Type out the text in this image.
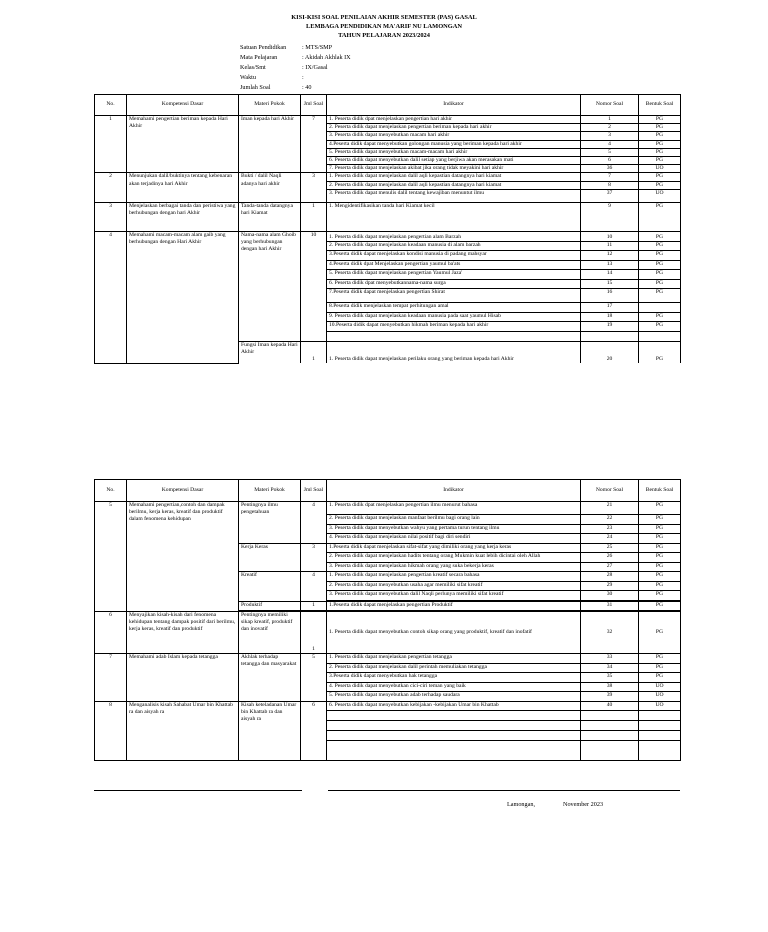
KISI-KISI SOAL PENILAIAN AKHIR SEMESTER (PAS) GASAL
LEMBAGA PENDIDIKAN MA'ARIF NU LAMONGAN
TAHUN PELAJARAN 2023/2024
Satuan Pendidikan	: MTS/SMP
Mata Pelajaran	: Akidah Akhlak IX
Kelas/Smt	: IX/Gasal
Waktu	:
Jumlah Soal	: 40
No.	Kompetensi Dasar	Materi Pokok	Jml Soal	Indikator	Nomor Soal	Bentuk Soal
1	Memahami pengertian beriman kepada Hari Akhir	Iman kepada hari Akhir	7	1. Peserta didik dpat menjelaskan pengertian hari akhir	1	PG
				2. Peserta didik dapat menjelaskan pengertian beriman kepada hari akhir	2	PG
				3. Peserta didik dapat menyebutkan macam hari akhir	3	PG
				4.Peserta didik dapat menyebutkan golongan manusia yang beriman kepada hari akhir	4	PG
				5. Peserta didik dapat menyebutkan macam-macam hari akhir	5	PG
				6. Peserta didik dapat menyebutkan dalil setiap yang berjiwa akan merasakan mati	6	PG
				7. Peserta didik dapat menjelaskan akibat jika orang tidak meyakini hari akhir	36	UO
2	Menunjukan dalil/buktinya tentang kebenaran akan terjadinya hari Akhir	Bukti / dalil Naqli adanya hari akhir	3	1. Peserta didik dapat menjelaskan dalil aqli kepastian datangnya hari kiamat	7	PG
				2. Peserta didik dapat menjelaskan dalil aqli kepastian datangnya hari kiamat	8	PG
				3. Peserta didik dapat menulis dalil tentang kewajiban menuntut ilmu	37	UO
3	Menjelaskan berbagai tanda dan peristiwa yang berhubungan dengan hari Akhir	Tanda-tanda datangnya hari Kiamat	1	1. Mengidentifikasikan tanda hari Kiamat kecil	9	PG
4	Memahami macam-macam alam gaib yang berhubungan dengan Hari Akhir	Nama-nama alam Ghoib yang berhubungan dengan hari Akhir	10	1. Peserta didik dapat menjelaskan pengertian alam Barzah	10	PG
				2. Peserta didik dapat menjelaskan keadaan manusia di alam barzah	11	PG
				3.Peserta didik dapat menjelaskan kondisi manusia di padang mahsyar	12	PG
				4.Peserta didik dpat Menjelaskan pengertian yaumul ba'ats	13	PG
				5. Peserta didik dapat menjelaskan pengertian Yaumul Jaza'	14	PG
				6. Peserta didik dpat menyebutkannama-nama surga	15	PG
				7.Peserta didik dapat menjelaskan pengertian Shirat	16	PG
				8.Peserta didik menjelaskan tempat perhitungan amal	17	
				9. Peserta didik dapat menjelaskan keadaan manusia pada saat yaumul Hisab	18	PG
				10.Peserta didik dapat menyebutkan hikmah beriman kepada hari akhir	19	PG

		Fungsi Iman kepada Hari Akhir	1	1. Peserta didik dapat menjelaskan perilaku orang yang beriman kepada hari Akhir	20	PG
No.	Kompetensi Dasar	Materi Pokok	Jml Soal	Indikator	Nomor Soal	Bentuk Soal
5	Memahami pengertian,contoh dan dampak berilmu, kerja keras, kreatif dan produktif dalam fenomena kehidupan	Pentingnya ilmu pengetahuan	4	1. Peserta didik dpat menjelaskan pengertian ilmu menurut bahasa	21	PG
				2. Peserta didik dapat menjelaskan manfaat berilmu bagi orang lain	22	PG
				3. Peserta didik dapat menyebutkan wahyu yang pertama turun tentang ilmu	23	PG
				4. Peserta didik dapat menjelaskan nilai positif bagi diri sendiri	24	PG
		Kerja Keras	3	1.Peserta didik dapat menjelaskan sifat-sifat yang dimiliki orang yang kerja keras	25	PG
				2. Peserta didik dapat menjelaskan hadits tentang orang Mukmin kuat lebih dicintai oleh Allah	26	PG
				3. Peserta didik dapat menjelaskan hikmah orang yang suka bekerja keras	27	PG
		Kreatif	4	1. Peserta didik dapat menjelaskan pengertian kreatif secara bahasa	28	PG
				2. Peserta didik dapat menyebutkan usaha agar memiliki sifat kreatif	29	PG
				3. Peserta didik dapat menyebutkan dalil Naqli perlunya memiliki sifat kreatif	30	PG

		Produktif	1	1.Peserta didik dapat menjelaskan pengertian Produktif	31	PG

6	Menyajikan kisah-kisah dari fenomena kehidupan tentang dampak positif dari berilmu, kerja keras, kreatif dan produktif	Pentingnya memiliki sikap kreatif, produktif dan inovatif	1	1. Peserta didik dapat menyebutkan contoh sikap orang yang produktif, kreatif dan inofatif	32	PG
7	Memahami adab Islam kepada tetangga	Akhlak terhadap tetangga dan masyarakat	5	1. Peserta didik dapat menjelaskan pengertian tetangga	33	PG
				2. Peserta didik dapat menjelaskan dalil perintah memuliakan tetangga	34	PG
				3.Peserta didik dapat menyebutkan hak tetangga	35	PG
				4. Peserta didik dapat menyebutkan cici-ciri teman yang baik	38	UO
				5. Peserta didik dapat menyebutkan adab terhadap saudara	39	UO
8	Menganalisis kisah Sahabat Umar bin Khattab ra dan aisyah ra	Kisah keteladanan Umar bin Khattab ra dan aisyah ra	6	6. Peserta didik dapat menyebutkan kebijakan -kebijakan Umar bin Khattab	40	UO

Lamongan,	November 2023
